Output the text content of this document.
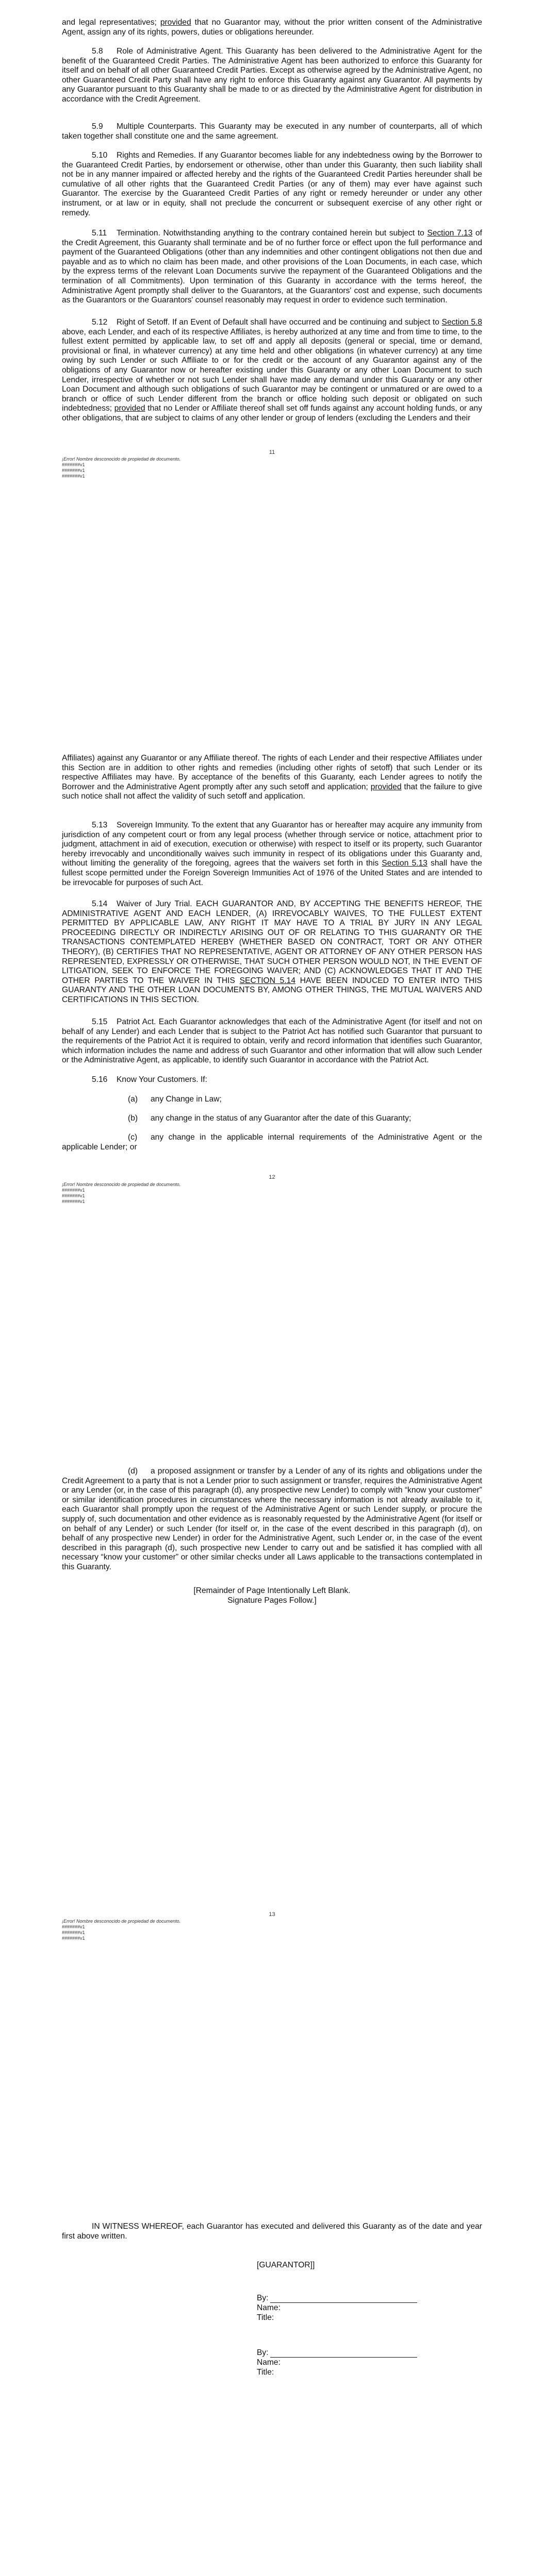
and legal representatives; provided that no Guarantor may, without the prior written consent of the Administrative Agent, assign any of its rights, powers, duties or obligations hereunder.

5.8 Role of Administrative Agent. This Guaranty has been delivered to the Administrative Agent for the benefit of the Guaranteed Credit Parties. The Administrative Agent has been authorized to enforce this Guaranty for itself and on behalf of all other Guaranteed Credit Parties. Except as otherwise agreed by the Administrative Agent, no other Guaranteed Credit Party shall have any right to enforce this Guaranty against any Guarantor. All payments by any Guarantor pursuant to this Guaranty shall be made to or as directed by the Administrative Agent for distribution in accordance with the Credit Agreement.

5.9 Multiple Counterparts. This Guaranty may be executed in any number of counterparts, all of which taken together shall constitute one and the same agreement.

5.10 Rights and Remedies. If any Guarantor becomes liable for any indebtedness owing by the Borrower to the Guaranteed Credit Parties, by endorsement or otherwise, other than under this Guaranty, then such liability shall not be in any manner impaired or affected hereby and the rights of the Guaranteed Credit Parties hereunder shall be cumulative of all other rights that the Guaranteed Credit Parties (or any of them) may ever have against such Guarantor. The exercise by the Guaranteed Credit Parties of any right or remedy hereunder or under any other instrument, or at law or in equity, shall not preclude the concurrent or subsequent exercise of any other right or remedy.

5.11 Termination. Notwithstanding anything to the contrary contained herein but subject to Section 7.13 of the Credit Agreement, this Guaranty shall terminate and be of no further force or effect upon the full performance and payment of the Guaranteed Obligations (other than any indemnities and other contingent obligations not then due and payable and as to which no claim has been made, and other provisions of the Loan Documents, in each case, which by the express terms of the relevant Loan Documents survive the repayment of the Guaranteed Obligations and the termination of all Commitments). Upon termination of this Guaranty in accordance with the terms hereof, the Administrative Agent promptly shall deliver to the Guarantors, at the Guarantors' cost and expense, such documents as the Guarantors or the Guarantors' counsel reasonably may request in order to evidence such termination.

5.12 Right of Setoff. If an Event of Default shall have occurred and be continuing and subject to Section 5.8 above, each Lender, and each of its respective Affiliates, is hereby authorized at any time and from time to time, to the fullest extent permitted by applicable law, to set off and apply all deposits (general or special, time or demand, provisional or final, in whatever currency) at any time held and other obligations (in whatever currency) at any time owing by such Lender or such Affiliate to or for the credit or the account of any Guarantor against any of the obligations of any Guarantor now or hereafter existing under this Guaranty or any other Loan Document to such Lender, irrespective of whether or not such Lender shall have made any demand under this Guaranty or any other Loan Document and although such obligations of such Guarantor may be contingent or unmatured or are owed to a branch or office of such Lender different from the branch or office holding such deposit or obligated on such indebtedness; provided that no Lender or Affiliate thereof shall set off funds against any account holding funds, or any other obligations, that are subject to claims of any other lender or group of lenders (excluding the Lenders and their

11
¡Error! Nombre desconocido de propiedad de documento.
#######v1
#######v1
#######v1

Affiliates) against any Guarantor or any Affiliate thereof. The rights of each Lender and their respective Affiliates under this Section are in addition to other rights and remedies (including other rights of setoff) that such Lender or its respective Affiliates may have. By acceptance of the benefits of this Guaranty, each Lender agrees to notify the Borrower and the Administrative Agent promptly after any such setoff and application; provided that the failure to give such notice shall not affect the validity of such setoff and application.

5.13 Sovereign Immunity. To the extent that any Guarantor has or hereafter may acquire any immunity from jurisdiction of any competent court or from any legal process (whether through service or notice, attachment prior to judgment, attachment in aid of execution, execution or otherwise) with respect to itself or its property, such Guarantor hereby irrevocably and unconditionally waives such immunity in respect of its obligations under this Guaranty and, without limiting the generality of the foregoing, agrees that the waivers set forth in this Section 5.13 shall have the fullest scope permitted under the Foreign Sovereign Immunities Act of 1976 of the United States and are intended to be irrevocable for purposes of such Act.

5.14 Waiver of Jury Trial. EACH GUARANTOR AND, BY ACCEPTING THE BENEFITS HEREOF, THE ADMINISTRATIVE AGENT AND EACH LENDER, (A) IRREVOCABLY WAIVES, TO THE FULLEST EXTENT PERMITTED BY APPLICABLE LAW, ANY RIGHT IT MAY HAVE TO A TRIAL BY JURY IN ANY LEGAL PROCEEDING DIRECTLY OR INDIRECTLY ARISING OUT OF OR RELATING TO THIS GUARANTY OR THE TRANSACTIONS CONTEMPLATED HEREBY (WHETHER BASED ON CONTRACT, TORT OR ANY OTHER THEORY), (B) CERTIFIES THAT NO REPRESENTATIVE, AGENT OR ATTORNEY OF ANY OTHER PERSON HAS REPRESENTED, EXPRESSLY OR OTHERWISE, THAT SUCH OTHER PERSON WOULD NOT, IN THE EVENT OF LITIGATION, SEEK TO ENFORCE THE FOREGOING WAIVER; AND (C) ACKNOWLEDGES THAT IT AND THE OTHER PARTIES TO THE WAIVER IN THIS SECTION 5.14 HAVE BEEN INDUCED TO ENTER INTO THIS GUARANTY AND THE OTHER LOAN DOCUMENTS BY, AMONG OTHER THINGS, THE MUTUAL WAIVERS AND CERTIFICATIONS IN THIS SECTION.

5.15 Patriot Act. Each Guarantor acknowledges that each of the Administrative Agent (for itself and not on behalf of any Lender) and each Lender that is subject to the Patriot Act has notified such Guarantor that pursuant to the requirements of the Patriot Act it is required to obtain, verify and record information that identifies such Guarantor, which information includes the name and address of such Guarantor and other information that will allow such Lender or the Administrative Agent, as applicable, to identify such Guarantor in accordance with the Patriot Act.

5.16 Know Your Customers. If:

(a) any Change in Law;
(b) any change in the status of any Guarantor after the date of this Guaranty;

(c) any change in the applicable internal requirements of the Administrative Agent or the applicable Lender; or

12
¡Error! Nombre desconocido de propiedad de documento.
#######v1
#######v1
#######v1

(d) a proposed assignment or transfer by a Lender of any of its rights and obligations under the Credit Agreement to a party that is not a Lender prior to such assignment or transfer, requires the Administrative Agent or any Lender (or, in the case of this paragraph (d), any prospective new Lender) to comply with “know your customer” or similar identification procedures in circumstances where the necessary information is not already available to it, each Guarantor shall promptly upon the request of the Administrative Agent or such Lender supply, or procure the supply of, such documentation and other evidence as is reasonably requested by the Administrative Agent (for itself or on behalf of any Lender) or such Lender (for itself or, in the case of the event described in this paragraph (d), on behalf of any prospective new Lender) in order for the Administrative Agent, such Lender or, in the case of the event described in this paragraph (d), such prospective new Lender to carry out and be satisfied it has complied with all necessary “know your customer” or other similar checks under all Laws applicable to the transactions contemplated in this Guaranty.

[Remainder of Page Intentionally Left Blank.
Signature Pages Follow.]
13
¡Error! Nombre desconocido de propiedad de documento.
#######v1
#######v1
#######v1

IN WITNESS WHEREOF, each Guarantor has executed and delivered this Guaranty as of the date and year first above written.

[GUARANTOR]]
By:
Name:
Title:
By:
Name:
Title:
